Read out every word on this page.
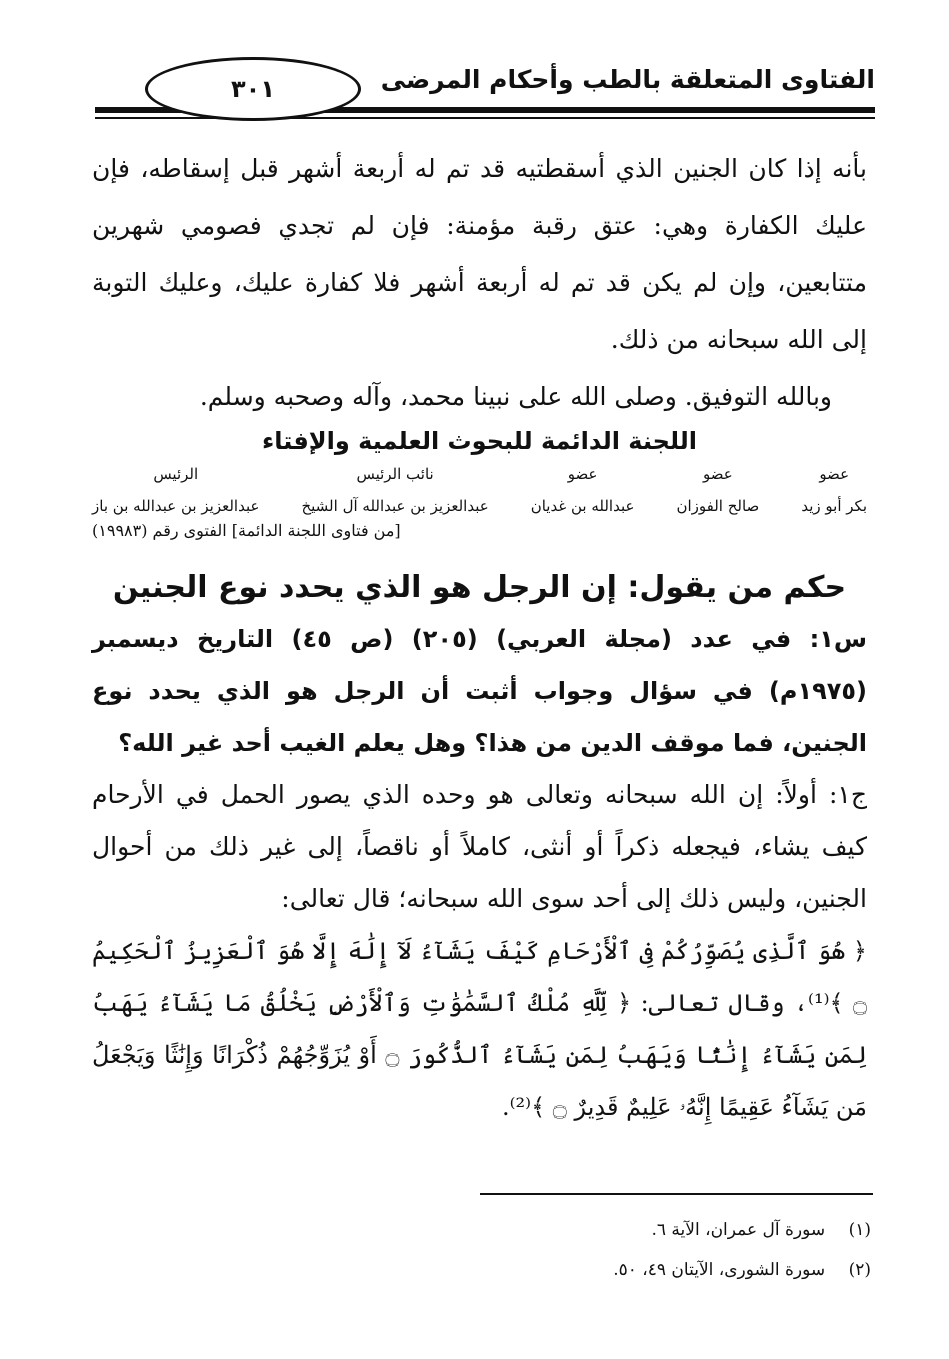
الفتاوى المتعلقة بالطب وأحكام المرضى
٣٠١

بأنه إذا كان الجنين الذي أسقطتيه قد تم له أربعة أشهر قبل إسقاطه، فإن عليك الكفارة وهي: عتق رقبة مؤمنة: فإن لم تجدي فصومي شهرين متتابعين، وإن لم يكن قد تم له أربعة أشهر فلا كفارة عليك، وعليك التوبة إلى الله سبحانه من ذلك.

وبالله التوفيق. وصلى الله على نبينا محمد، وآله وصحبه وسلم.

اللجنة الدائمة للبحوث العلمية والإفتاء
عضو
بكر أبو زيد
عضو
صالح الفوزان
عضو
عبدالله بن غديان
نائب الرئيس
عبدالعزيز بن عبدالله آل الشيخ
الرئيس
عبدالعزيز بن عبدالله بن باز

[من فتاوى اللجنة الدائمة] الفتوى رقم (١٩٩٨٣)

حكم من يقول: إن الرجل هو الذي يحدد نوع الجنين

س١: في عدد (مجلة العربي) (٢٠٥) (ص ٤٥) التاريخ ديسمبر (١٩٧٥م) في سؤال وجواب أثبت أن الرجل هو الذي يحدد نوع الجنين، فما موقف الدين من هذا؟ وهل يعلم الغيب أحد غير الله؟

ج١: أولاً: إن الله سبحانه وتعالى هو وحده الذي يصور الحمل في الأرحام كيف يشاء، فيجعله ذكراً أو أنثى، كاملاً أو ناقصاً، إلى غير ذلك من أحوال الجنين، وليس ذلك إلى أحد سوى الله سبحانه؛ قال تعالى:

﴿ هُوَ ٱلَّذِى يُصَوِّرُكُمْ فِى ٱلْأَرْحَامِ كَيْفَ يَشَآءُ لَآ إِلَٰهَ إِلَّا هُوَ ٱلْعَزِيزُ ٱلْحَكِيمُ ۝ ﴾⁽¹⁾، وقال تعالى: ﴿ لِّلَّهِ مُلْكُ ٱلسَّمَٰوَٰتِ وَٱلْأَرْضِ يَخْلُقُ مَا يَشَآءُ يَهَبُ لِمَن يَشَآءُ إِنَٰثًا وَيَهَبُ لِمَن يَشَآءُ ٱلذُّكُورَ ۝ أَوْ يُزَوِّجُهُمْ ذُكْرَانًا وَإِنَٰثًا وَيَجْعَلُ مَن يَشَآءُ عَقِيمًا إِنَّهُۥ عَلِيمٌ قَدِيرٌ ۝ ﴾⁽²⁾.

(١) سورة آل عمران، الآية ٦.
(٢) سورة الشورى، الآيتان ٤٩، ٥٠.
